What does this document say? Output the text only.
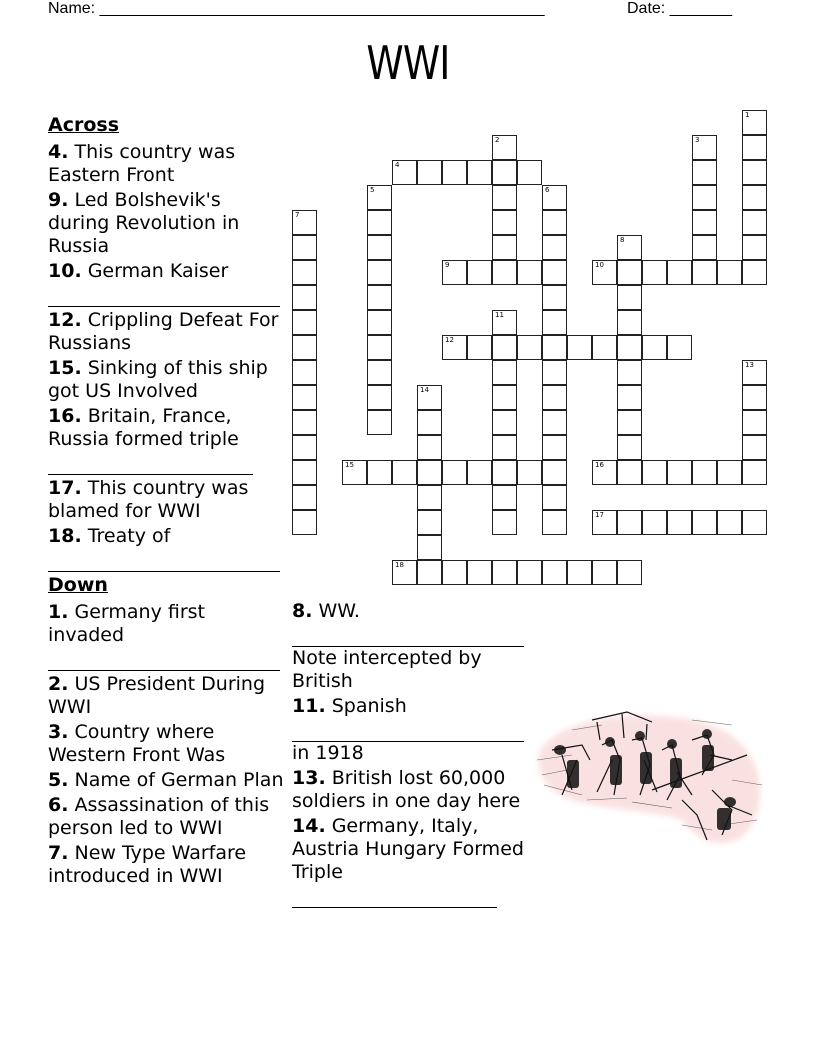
Name: __________________________________________________	Date: _______
WWI
Across
4. This country was Eastern Front
9. Led Bolshevik's during Revolution in Russia
10. German Kaiser
12. Crippling Defeat For Russians
15. Sinking of this ship got US Involved
16. Britain, France, Russia formed triple
17. This country was blamed for WWI
18. Treaty of
Down
1. Germany first invaded
2. US President During WWI
3. Country where Western Front Was
5. Name of German Plan
6. Assassination of this person led to WWI
7. New Type Warfare introduced in WWI
8. WW.
Note intercepted by British
11. Spanish
in 1918
13. British lost 60,000 soldiers in one day here
14. Germany, Italy, Austria Hungary Formed Triple
1
2	3
4
5	6
7
8
9	10
11
12
13
14
15	16
17
18
